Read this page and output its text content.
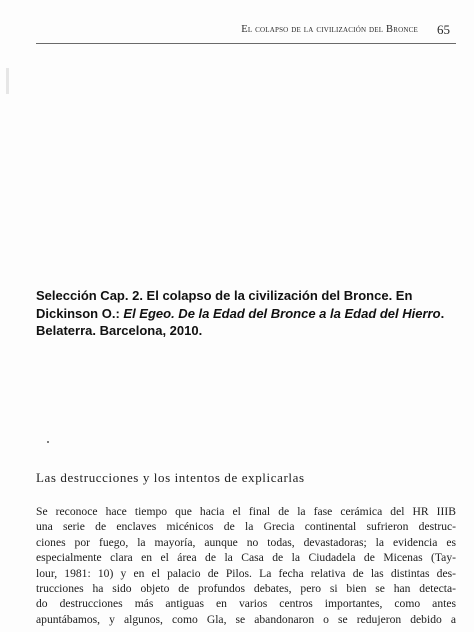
El colapso de la civilización del Bronce 65
Selección Cap. 2. El colapso de la civilización del Bronce. En Dickinson O.: El Egeo. De la Edad del Bronce a la Edad del Hierro. Belaterra. Barcelona, 2010.
Las destrucciones y los intentos de explicarlas
Se reconoce hace tiempo que hacia el final de la fase cerámica del HR IIIB
una serie de enclaves micénicos de la Grecia continental sufrieron destruc-
ciones por fuego, la mayoría, aunque no todas, devastadoras; la evidencia es
especialmente clara en el área de la Casa de la Ciudadela de Micenas (Tay-
lour, 1981: 10) y en el palacio de Pilos. La fecha relativa de las distintas des-
trucciones ha sido objeto de profundos debates, pero si bien se han detecta-
do destrucciones más antiguas en varios centros importantes, como antes
apuntábamos, y algunos, como Gla, se abandonaron o se redujeron debido a
